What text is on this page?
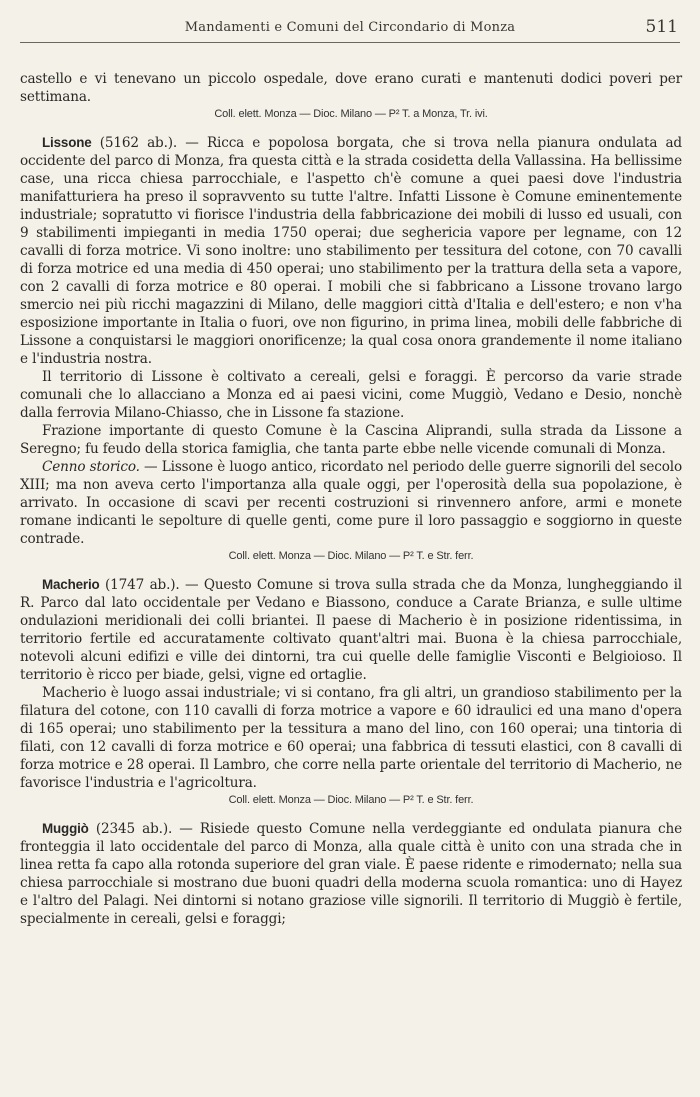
Mandamenti e Comuni del Circondario di Monza	511

castello e vi tenevano un piccolo ospedale, dove erano curati e mantenuti dodici poveri per settimana.

Coll. elett. Monza — Dioc. Milano — P² T. a Monza, Tr. ivi.

Lissone (5162 ab.). — Ricca e popolosa borgata, che si trova nella pianura ondulata ad occidente del parco di Monza, fra questa città e la strada cosidetta della Vallassina. Ha bellissime case, una ricca chiesa parrocchiale, e l'aspetto ch'è comune a quei paesi dove l'industria manifatturiera ha preso il sopravvento su tutte l'altre. Infatti Lissone è Comune eminentemente industriale; sopratutto vi fiorisce l'industria della fabbricazione dei mobili di lusso ed usuali, con 9 stabilimenti impieganti in media 1750 operai; due seghericia vapore per legname, con 12 cavalli di forza motrice. Vi sono inoltre: uno stabilimento per tessitura del cotone, con 70 cavalli di forza motrice ed una media di 450 operai; uno stabilimento per la trattura della seta a vapore, con 2 cavalli di forza motrice e 80 operai. I mobili che si fabbricano a Lissone trovano largo smercio nei più ricchi magazzini di Milano, delle maggiori città d'Italia e dell'estero; e non v'ha esposizione importante in Italia o fuori, ove non figurino, in prima linea, mobili delle fabbriche di Lissone a conquistarsi le maggiori onorificenze; la qual cosa onora grandemente il nome italiano e l'industria nostra.

Il territorio di Lissone è coltivato a cereali, gelsi e foraggi. È percorso da varie strade comunali che lo allacciano a Monza ed ai paesi vicini, come Muggiò, Vedano e Desio, nonchè dalla ferrovia Milano-Chiasso, che in Lissone fa stazione.

Frazione importante di questo Comune è la Cascina Aliprandi, sulla strada da Lissone a Seregno; fu feudo della storica famiglia, che tanta parte ebbe nelle vicende comunali di Monza.

Cenno storico. — Lissone è luogo antico, ricordato nel periodo delle guerre signorili del secolo XIII; ma non aveva certo l'importanza alla quale oggi, per l'operosità della sua popolazione, è arrivato. In occasione di scavi per recenti costruzioni si rinvennero anfore, armi e monete romane indicanti le sepolture di quelle genti, come pure il loro passaggio e soggiorno in queste contrade.

Coll. elett. Monza — Dioc. Milano — P² T. e Str. ferr.

Macherio (1747 ab.). — Questo Comune si trova sulla strada che da Monza, lungheggiando il R. Parco dal lato occidentale per Vedano e Biassono, conduce a Carate Brianza, e sulle ultime ondulazioni meridionali dei colli briantei. Il paese di Macherio è in posizione ridentissima, in territorio fertile ed accuratamente coltivato quant'altri mai. Buona è la chiesa parrocchiale, notevoli alcuni edifizi e ville dei dintorni, tra cui quelle delle famiglie Visconti e Belgioioso. Il territorio è ricco per biade, gelsi, vigne ed ortaglie.

Macherio è luogo assai industriale; vi si contano, fra gli altri, un grandioso stabilimento per la filatura del cotone, con 110 cavalli di forza motrice a vapore e 60 idraulici ed una mano d'opera di 165 operai; uno stabilimento per la tessitura a mano del lino, con 160 operai; una tintoria di filati, con 12 cavalli di forza motrice e 60 operai; una fabbrica di tessuti elastici, con 8 cavalli di forza motrice e 28 operai. Il Lambro, che corre nella parte orientale del territorio di Macherio, ne favorisce l'industria e l'agricoltura.

Coll. elett. Monza — Dioc. Milano — P² T. e Str. ferr.

Muggiò (2345 ab.). — Risiede questo Comune nella verdeggiante ed ondulata pianura che fronteggia il lato occidentale del parco di Monza, alla quale città è unito con una strada che in linea retta fa capo alla rotonda superiore del gran viale. È paese ridente e rimodernato; nella sua chiesa parrocchiale si mostrano due buoni quadri della moderna scuola romantica: uno di Hayez e l'altro del Palagi. Nei dintorni si notano graziose ville signorili. Il territorio di Muggiò è fertile, specialmente in cereali, gelsi e foraggi;
